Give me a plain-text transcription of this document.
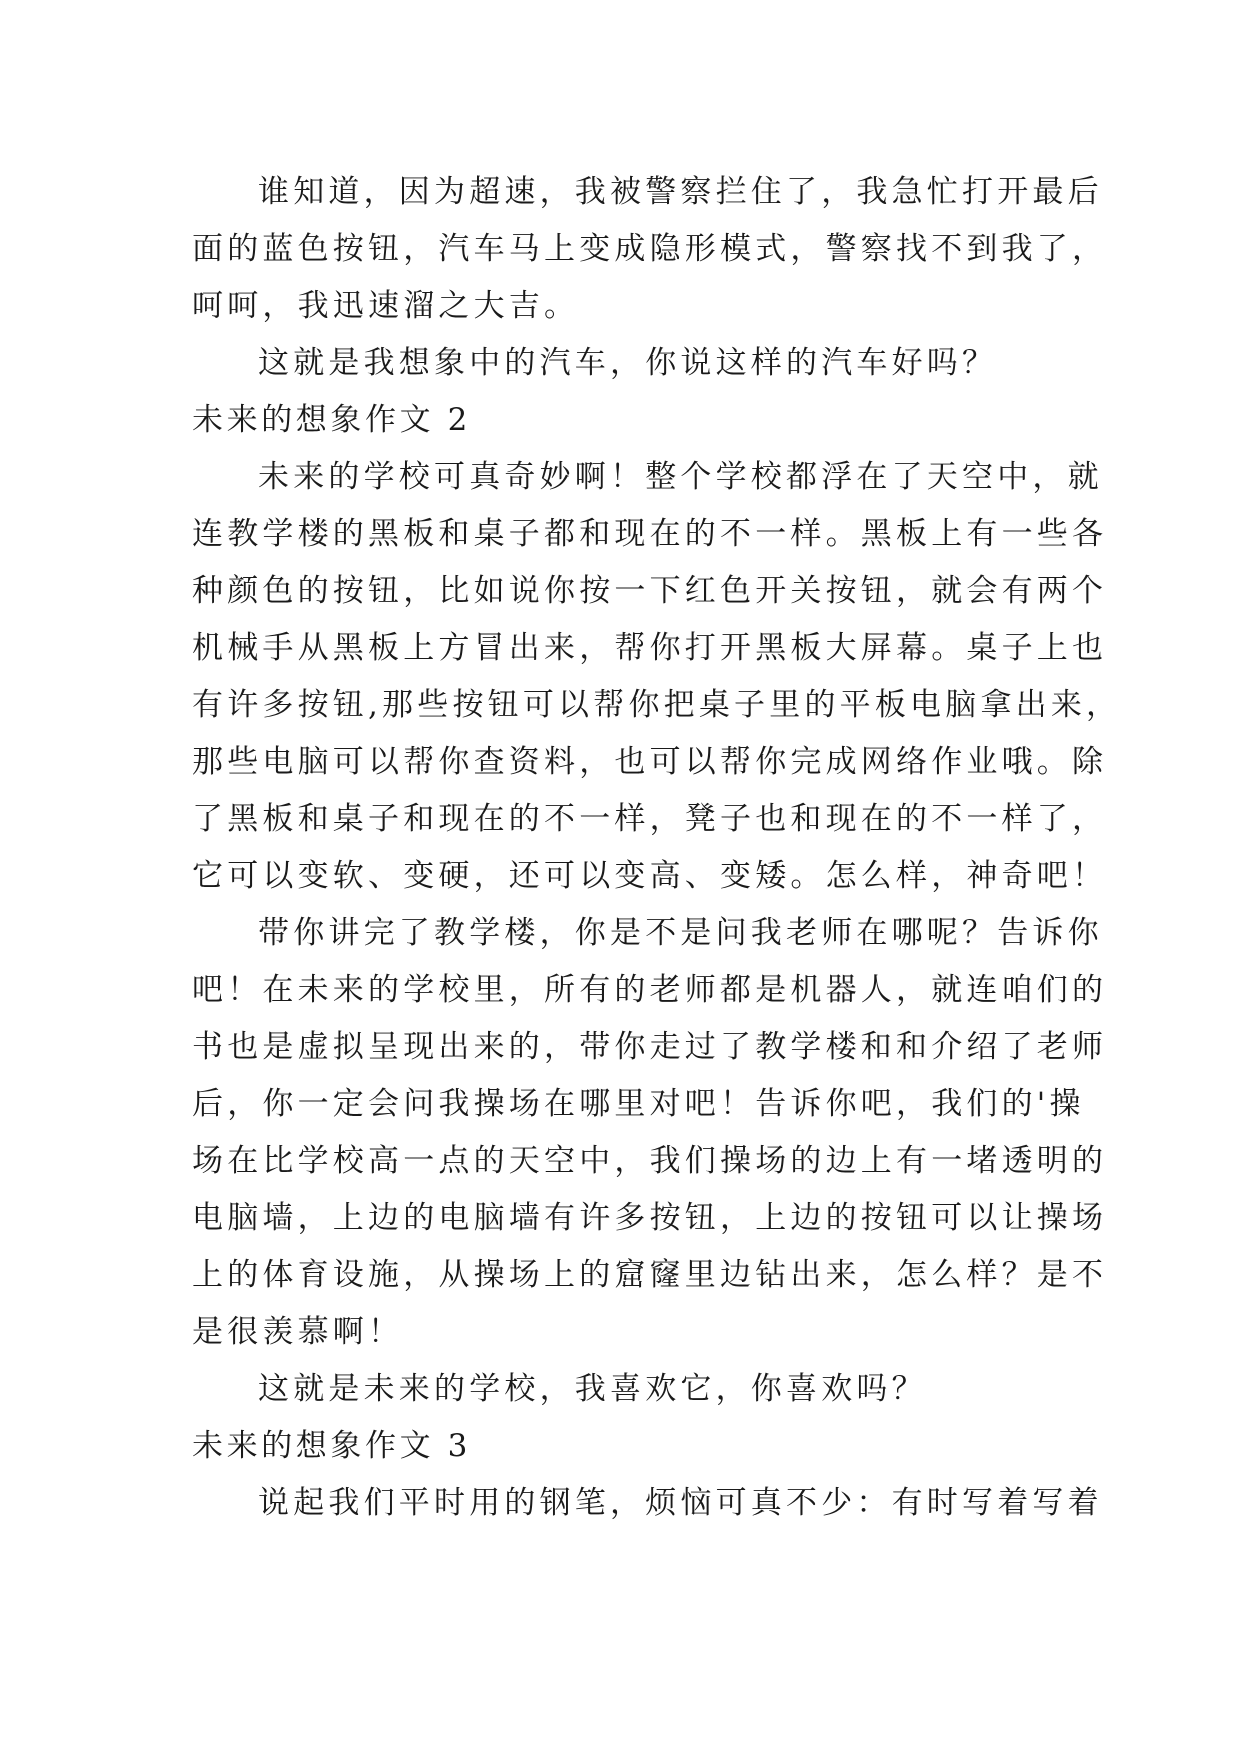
谁知道，因为超速，我被警察拦住了，我急忙打开最后
面的蓝色按钮，汽车马上变成隐形模式，警察找不到我了，
呵呵，我迅速溜之大吉。
这就是我想象中的汽车，你说这样的汽车好吗？
未来的想象作文 2
未来的学校可真奇妙啊！整个学校都浮在了天空中，就
连教学楼的黑板和桌子都和现在的不一样。黑板上有一些各
种颜色的按钮，比如说你按一下红色开关按钮，就会有两个
机械手从黑板上方冒出来，帮你打开黑板大屏幕。桌子上也
有许多按钮,那些按钮可以帮你把桌子里的平板电脑拿出来，
那些电脑可以帮你查资料，也可以帮你完成网络作业哦。除
了黑板和桌子和现在的不一样，凳子也和现在的不一样了，
它可以变软、变硬，还可以变高、变矮。怎么样，神奇吧！
带你讲完了教学楼，你是不是问我老师在哪呢？告诉你
吧！在未来的学校里，所有的老师都是机器人，就连咱们的
书也是虚拟呈现出来的，带你走过了教学楼和和介绍了老师
后，你一定会问我操场在哪里对吧！告诉你吧，我们的'操
场在比学校高一点的天空中，我们操场的边上有一堵透明的
电脑墙，上边的电脑墙有许多按钮，上边的按钮可以让操场
上的体育设施，从操场上的窟窿里边钻出来，怎么样？是不
是很羡慕啊！
这就是未来的学校，我喜欢它，你喜欢吗？
未来的想象作文 3
说起我们平时用的钢笔，烦恼可真不少：有时写着写着
